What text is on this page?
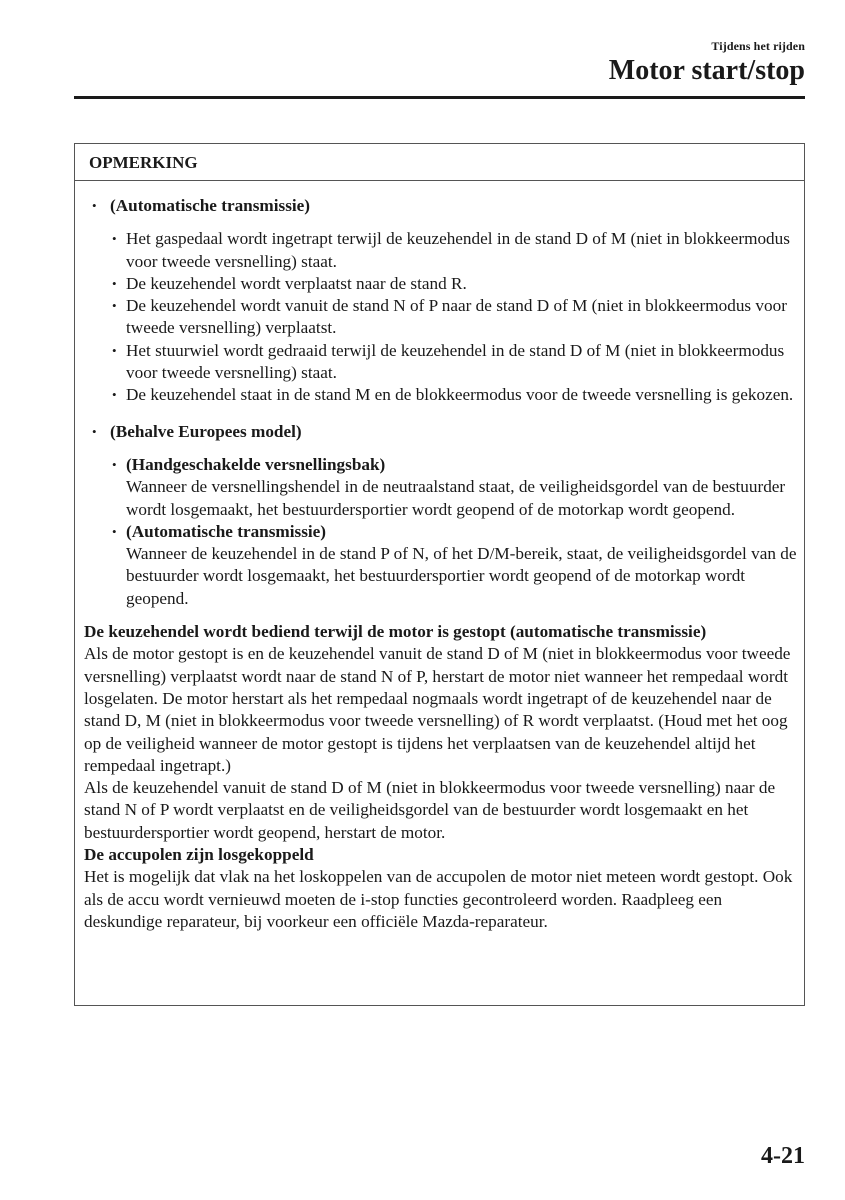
Tijdens het rijden
Motor start/stop
OPMERKING
• (Automatische transmissie)
• Het gaspedaal wordt ingetrapt terwijl de keuzehendel in de stand D of M (niet in blokkeermodus voor tweede versnelling) staat.
• De keuzehendel wordt verplaatst naar de stand R.
• De keuzehendel wordt vanuit de stand N of P naar de stand D of M (niet in blokkeermodus voor tweede versnelling) verplaatst.
• Het stuurwiel wordt gedraaid terwijl de keuzehendel in de stand D of M (niet in blokkeermodus voor tweede versnelling) staat.
• De keuzehendel staat in de stand M en de blokkeermodus voor de tweede versnelling is gekozen.
• (Behalve Europees model)
• (Handgeschakelde versnellingsbak)
Wanneer de versnellingshendel in de neutraalstand staat, de veiligheidsgordel van de bestuurder wordt losgemaakt, het bestuurdersportier wordt geopend of de motorkap wordt geopend.
• (Automatische transmissie)
Wanneer de keuzehendel in de stand P of N, of het D/M-bereik, staat, de veiligheidsgordel van de bestuurder wordt losgemaakt, het bestuurdersportier wordt geopend of de motorkap wordt geopend.
De keuzehendel wordt bediend terwijl de motor is gestopt (automatische transmissie)

Als de motor gestopt is en de keuzehendel vanuit de stand D of M (niet in blokkeermodus voor tweede versnelling) verplaatst wordt naar de stand N of P, herstart de motor niet wanneer het rempedaal wordt losgelaten. De motor herstart als het rempedaal nogmaals wordt ingetrapt of de keuzehendel naar de stand D, M (niet in blokkeermodus voor tweede versnelling) of R wordt verplaatst. (Houd met het oog op de veiligheid wanneer de motor gestopt is tijdens het verplaatsen van de keuzehendel altijd het rempedaal ingetrapt.)

Als de keuzehendel vanuit de stand D of M (niet in blokkeermodus voor tweede versnelling) naar de stand N of P wordt verplaatst en de veiligheidsgordel van de bestuurder wordt losgemaakt en het bestuurdersportier wordt geopend, herstart de motor.

De accupolen zijn losgekoppeld

Het is mogelijk dat vlak na het loskoppelen van de accupolen de motor niet meteen wordt gestopt. Ook als de accu wordt vernieuwd moeten de i-stop functies gecontroleerd worden. Raadpleeg een deskundige reparateur, bij voorkeur een officiële Mazda-reparateur.

4-21
